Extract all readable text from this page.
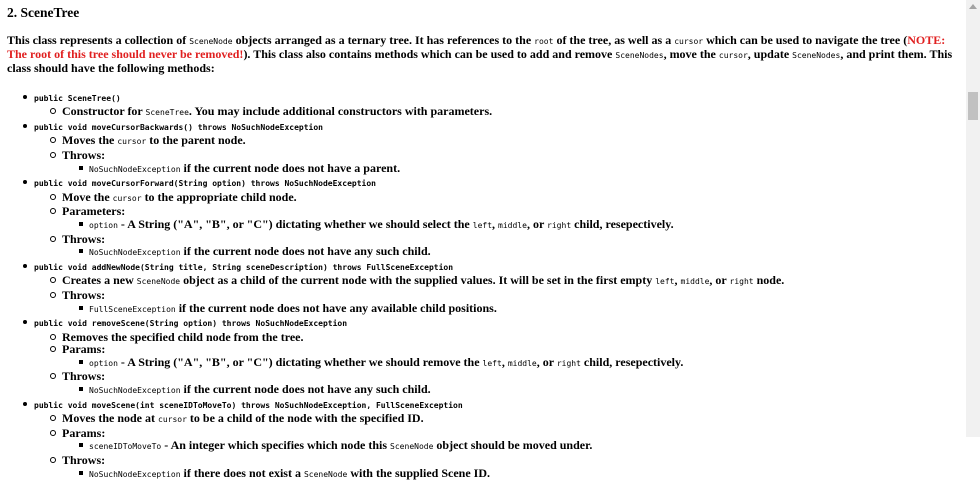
2. SceneTree

This class represents a collection of SceneNode objects arranged as a ternary tree. It has references to the root of the tree, as well as a cursor which can be used to navigate the tree (NOTE: The root of this tree should never be removed!). This class also contains methods which can be used to add and remove SceneNodes, move the cursor, update SceneNodes, and print them. This class should have the following methods:

public SceneTree()
Constructor for SceneTree. You may include additional constructors with parameters.
public void moveCursorBackwards() throws NoSuchNodeException
Moves the cursor to the parent node.
Throws:
NoSuchNodeException if the current node does not have a parent.
public void moveCursorForward(String option) throws NoSuchNodeException
Move the cursor to the appropriate child node.
Parameters:
option - A String ("A", "B", or "C") dictating whether we should select the left, middle, or right child, resepectively.
Throws:
NoSuchNodeException if the current node does not have any such child.
public void addNewNode(String title, String sceneDescription) throws FullSceneException
Creates a new SceneNode object as a child of the current node with the supplied values. It will be set in the first empty left, middle, or right node.
Throws:
FullSceneException if the current node does not have any available child positions.
public void removeScene(String option) throws NoSuchNodeException
Removes the specified child node from the tree.
Params:
option - A String ("A", "B", or "C") dictating whether we should remove the left, middle, or right child, resepectively.
Throws:
NoSuchNodeException if the current node does not have any such child.
public void moveScene(int sceneIDToMoveTo) throws NoSuchNodeException, FullSceneException
Moves the node at cursor to be a child of the node with the specified ID.
Params:
sceneIDToMoveTo - An integer which specifies which node this SceneNode object should be moved under.
Throws:
NoSuchNodeException if there does not exist a SceneNode with the supplied Scene ID.
